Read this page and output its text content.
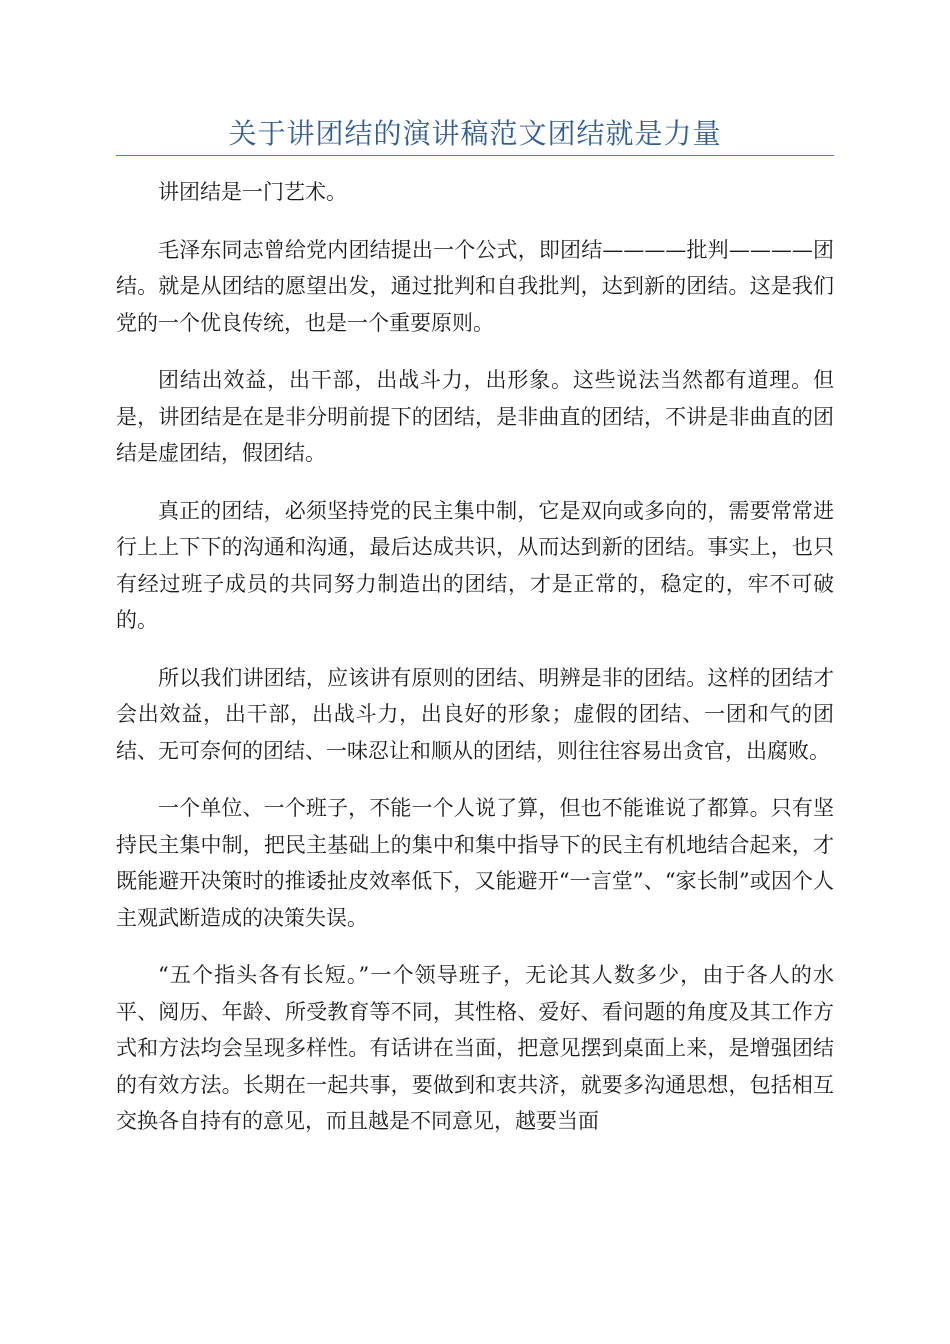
关于讲团结的演讲稿范文团结就是力量

讲团结是一门艺术。

毛泽东同志曾给党内团结提出一个公式，即团结————批判————团结。就是从团结的愿望出发，通过批判和自我批判，达到新的团结。这是我们党的一个优良传统，也是一个重要原则。

团结出效益，出干部，出战斗力，出形象。这些说法当然都有道理。但是，讲团结是在是非分明前提下的团结，是非曲直的团结，不讲是非曲直的团结是虚团结，假团结。

真正的团结，必须坚持党的民主集中制，它是双向或多向的，需要常常进行上上下下的沟通和沟通，最后达成共识，从而达到新的团结。事实上，也只有经过班子成员的共同努力制造出的团结，才是正常的，稳定的，牢不可破的。

所以我们讲团结，应该讲有原则的团结、明辨是非的团结。这样的团结才会出效益，出干部，出战斗力，出良好的形象；虚假的团结、一团和气的团结、无可奈何的团结、一味忍让和顺从的团结，则往往容易出贪官，出腐败。

一个单位、一个班子，不能一个人说了算，但也不能谁说了都算。只有坚持民主集中制，把民主基础上的集中和集中指导下的民主有机地结合起来，才既能避开决策时的推诿扯皮效率低下，又能避开“一言堂”、“家长制”或因个人主观武断造成的决策失误。

“五个指头各有长短。”一个领导班子，无论其人数多少，由于各人的水平、阅历、年龄、所受教育等不同，其性格、爱好、看问题的角度及其工作方式和方法均会呈现多样性。有话讲在当面，把意见摆到桌面上来，是增强团结的有效方法。长期在一起共事，要做到和衷共济，就要多沟通思想，包括相互交换各自持有的意见，而且越是不同意见，越要当面
